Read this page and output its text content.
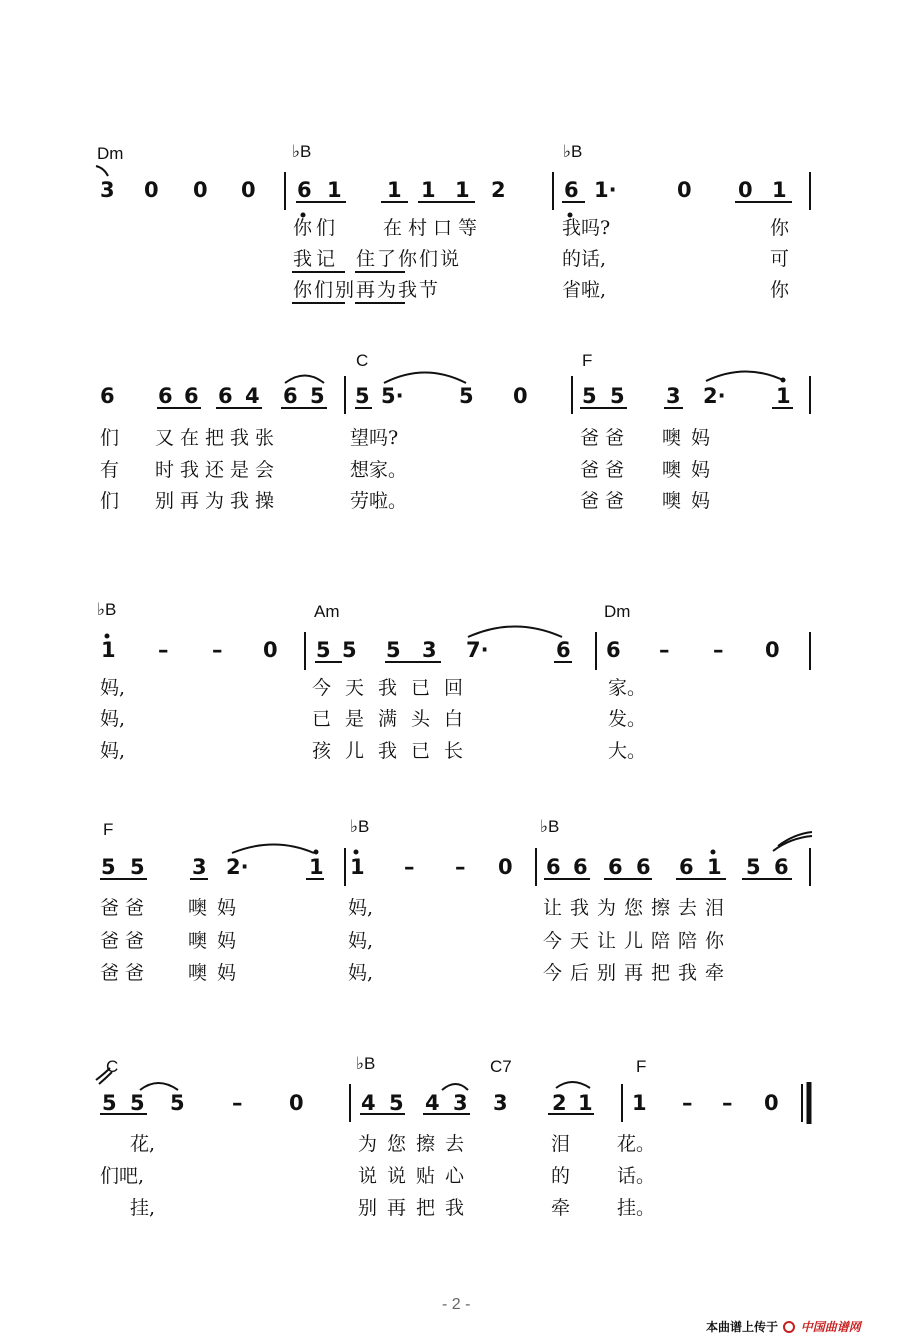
Dm	♭B	♭B
3 0 0 0 6 1 1 1 1 2	6 1·	0 0 1
你们 在村口等	我吗?	你
我记 住了你们说	的话,	可
你们别再为我节	省啦,	你
C	F
6 6 6 6 4 6 5 5 5·	5 0	5 5 3 2· 1
们 又在把我张	望吗?	爸爸 噢妈
有 时我还是会	想家。	爸爸 噢妈
们 别再为我操	劳啦。	爸爸 噢妈
♭B	Am	Dm
1 – – 0 5 5 5 3 7·	6 6 – – 0
妈,	今天我已回	家。
妈,	已是满头白	发。
妈,	孩儿我已长	大。
F	♭B	♭B
5 5 3 2·	1 1 – – 0 6 6 6 6 6 1 5 6
爸爸 噢妈	妈,	让我为您擦去泪
爸爸 噢妈	妈,	今天让儿陪陪你
爸爸 噢妈	妈,	今后别再把我牵
C	♭B	C7	F
5 5 5 – 0	4 5 4 3 3 2 1 1 – – 0
花,	为您擦去	泪 花。
们吧,	说说贴心	的 话。
挂,	别再把我	牵 挂。
- 2 -
本曲谱上传于 中国曲谱网
